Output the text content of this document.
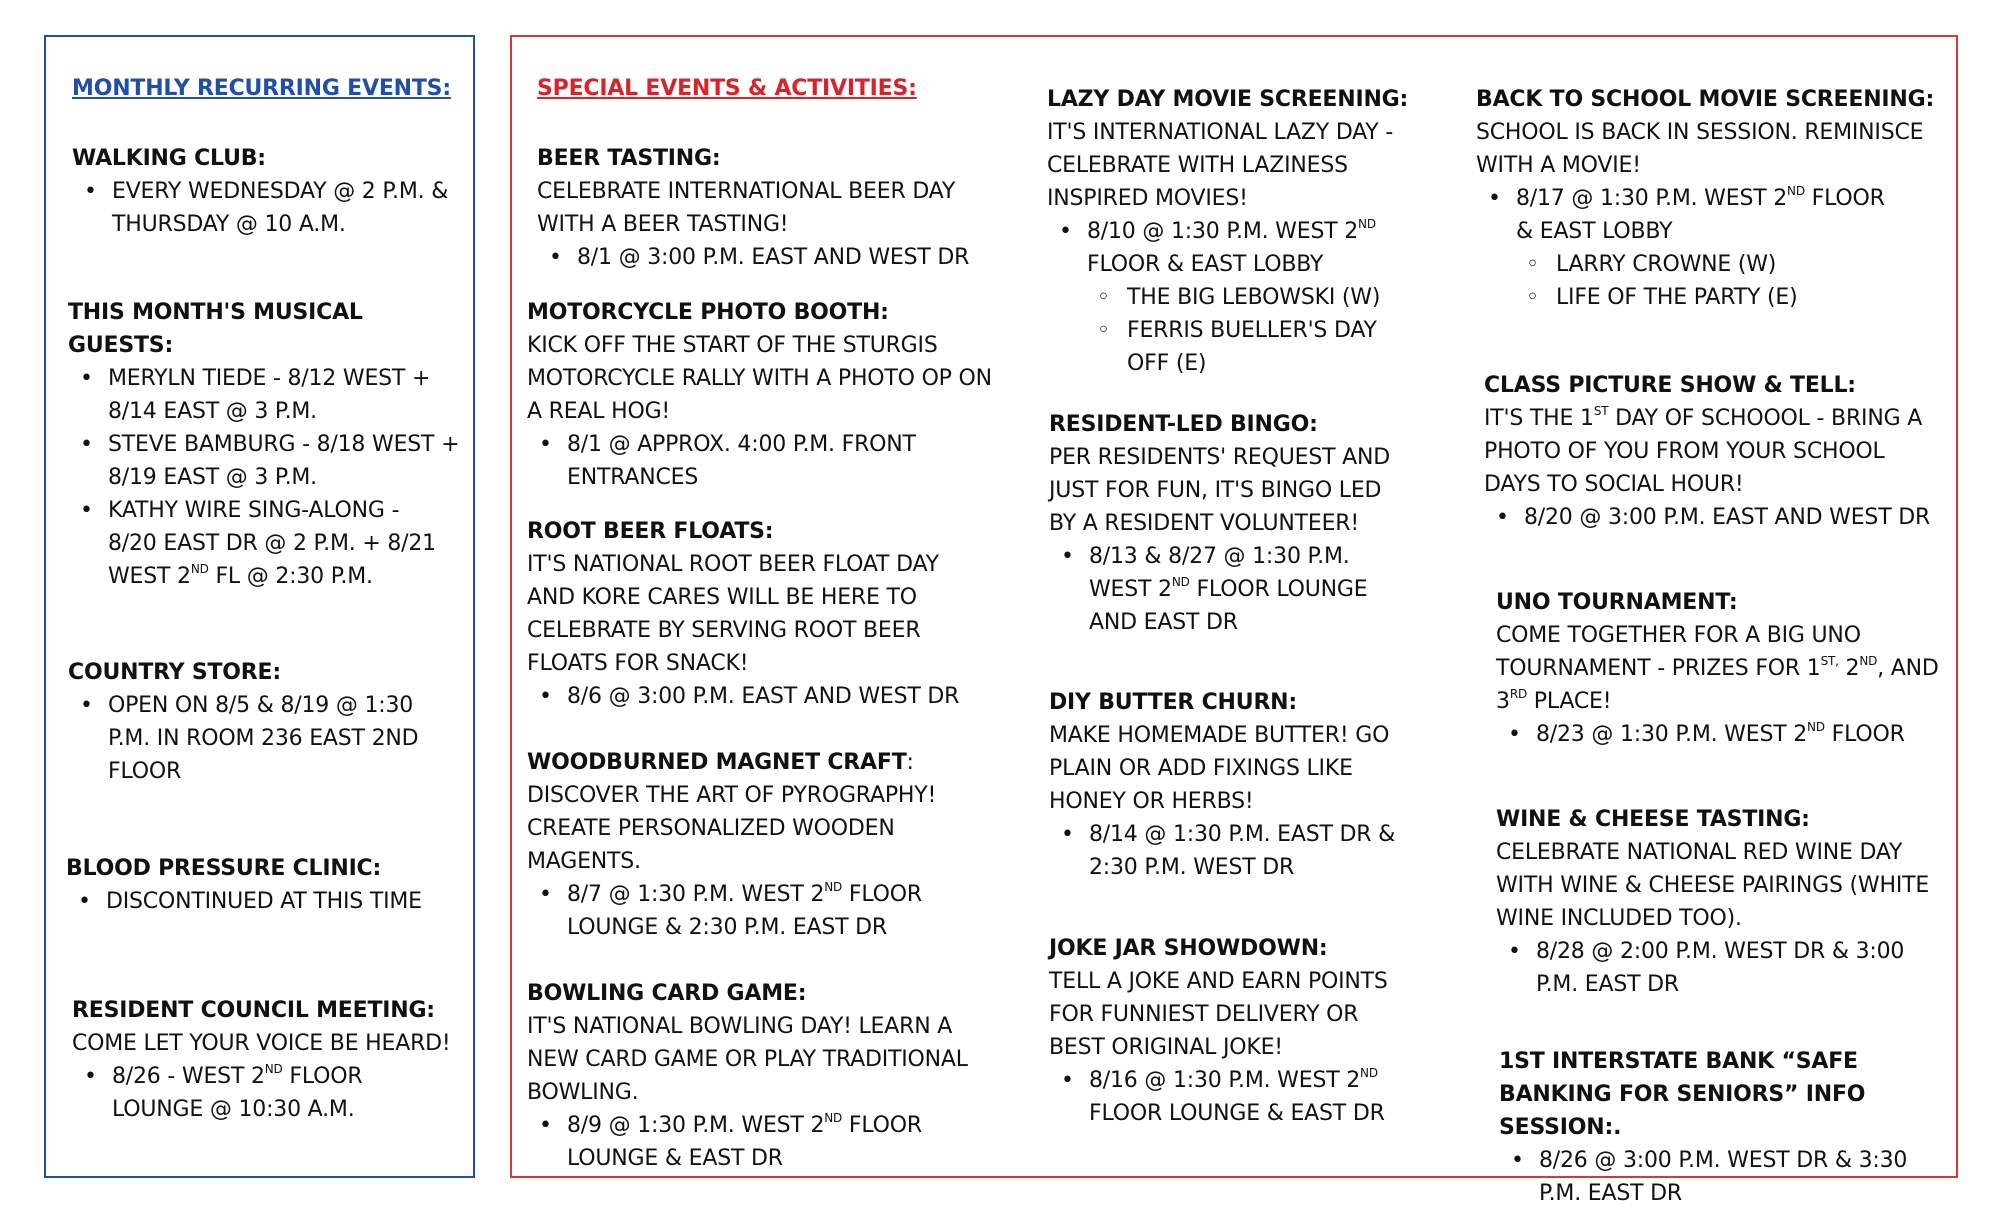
MONTHLY RECURRING EVENTS:
WALKING CLUB:
• EVERY WEDNESDAY @ 2 P.M. & THURSDAY @ 10 A.M.
THIS MONTH'S MUSICAL GUESTS:
• MERYLN TIEDE - 8/12 WEST + 8/14 EAST @ 3 P.M.
• STEVE BAMBURG - 8/18 WEST + 8/19 EAST @ 3 P.M.
• KATHY WIRE SING-ALONG - 8/20 EAST DR @ 2 P.M. + 8/21 WEST 2ND FL @ 2:30 P.M.
COUNTRY STORE:
• OPEN ON 8/5 & 8/19 @ 1:30 P.M. IN ROOM 236 EAST 2ND FLOOR
BLOOD PRESSURE CLINIC:
• DISCONTINUED AT THIS TIME
RESIDENT COUNCIL MEETING:
COME LET YOUR VOICE BE HEARD!
• 8/26 - WEST 2ND FLOOR LOUNGE @ 10:30 A.M.
SPECIAL EVENTS & ACTIVITIES:
BEER TASTING:
CELEBRATE INTERNATIONAL BEER DAY WITH A BEER TASTING!
• 8/1 @ 3:00 P.M. EAST AND WEST DR
MOTORCYCLE PHOTO BOOTH:
KICK OFF THE START OF THE STURGIS MOTORCYCLE RALLY WITH A PHOTO OP ON A REAL HOG!
• 8/1 @ APPROX. 4:00 P.M. FRONT ENTRANCES
ROOT BEER FLOATS:
IT'S NATIONAL ROOT BEER FLOAT DAY AND KORE CARES WILL BE HERE TO CELEBRATE BY SERVING ROOT BEER FLOATS FOR SNACK!
• 8/6 @ 3:00 P.M. EAST AND WEST DR
WOODBURNED MAGNET CRAFT:
DISCOVER THE ART OF PYROGRAPHY! CREATE PERSONALIZED WOODEN MAGENTS.
• 8/7 @ 1:30 P.M. WEST 2ND FLOOR LOUNGE & 2:30 P.M. EAST DR
BOWLING CARD GAME:
IT'S NATIONAL BOWLING DAY! LEARN A NEW CARD GAME OR PLAY TRADITIONAL BOWLING.
• 8/9 @ 1:30 P.M. WEST 2ND FLOOR LOUNGE & EAST DR
LAZY DAY MOVIE SCREENING:
IT'S INTERNATIONAL LAZY DAY - CELEBRATE WITH LAZINESS INSPIRED MOVIES!
• 8/10 @ 1:30 P.M. WEST 2ND FLOOR & EAST LOBBY
◦ THE BIG LEBOWSKI (W)
◦ FERRIS BUELLER'S DAY OFF (E)
RESIDENT-LED BINGO:
PER RESIDENTS' REQUEST AND JUST FOR FUN, IT'S BINGO LED BY A RESIDENT VOLUNTEER!
• 8/13 & 8/27 @ 1:30 P.M. WEST 2ND FLOOR LOUNGE AND EAST DR
DIY BUTTER CHURN:
MAKE HOMEMADE BUTTER! GO PLAIN OR ADD FIXINGS LIKE HONEY OR HERBS!
• 8/14 @ 1:30 P.M. EAST DR & 2:30 P.M. WEST DR
JOKE JAR SHOWDOWN:
TELL A JOKE AND EARN POINTS FOR FUNNIEST DELIVERY OR BEST ORIGINAL JOKE!
• 8/16 @ 1:30 P.M. WEST 2ND FLOOR LOUNGE & EAST DR
BACK TO SCHOOL MOVIE SCREENING:
SCHOOL IS BACK IN SESSION. REMINISCE WITH A MOVIE!
• 8/17 @ 1:30 P.M. WEST 2ND FLOOR & EAST LOBBY
◦ LARRY CROWNE (W)
◦ LIFE OF THE PARTY (E)
CLASS PICTURE SHOW & TELL:
IT'S THE 1ST DAY OF SCHOOOL - BRING A PHOTO OF YOU FROM YOUR SCHOOL DAYS TO SOCIAL HOUR!
• 8/20 @ 3:00 P.M. EAST AND WEST DR
UNO TOURNAMENT:
COME TOGETHER FOR A BIG UNO TOURNAMENT - PRIZES FOR $1^{ST,}$ 2ND, AND 3RD PLACE!
• 8/23 @ 1:30 P.M. WEST 2ND FLOOR
WINE & CHEESE TASTING:
CELEBRATE NATIONAL RED WINE DAY WITH WINE & CHEESE PAIRINGS (WHITE WINE INCLUDED TOO).
• 8/28 @ 2:00 P.M. WEST DR & 3:00 P.M. EAST DR
1ST INTERSTATE BANK “SAFE BANKING FOR SENIORS” INFO SESSION:.
• 8/26 @ 3:00 P.M. WEST DR & 3:30 P.M. EAST DR
